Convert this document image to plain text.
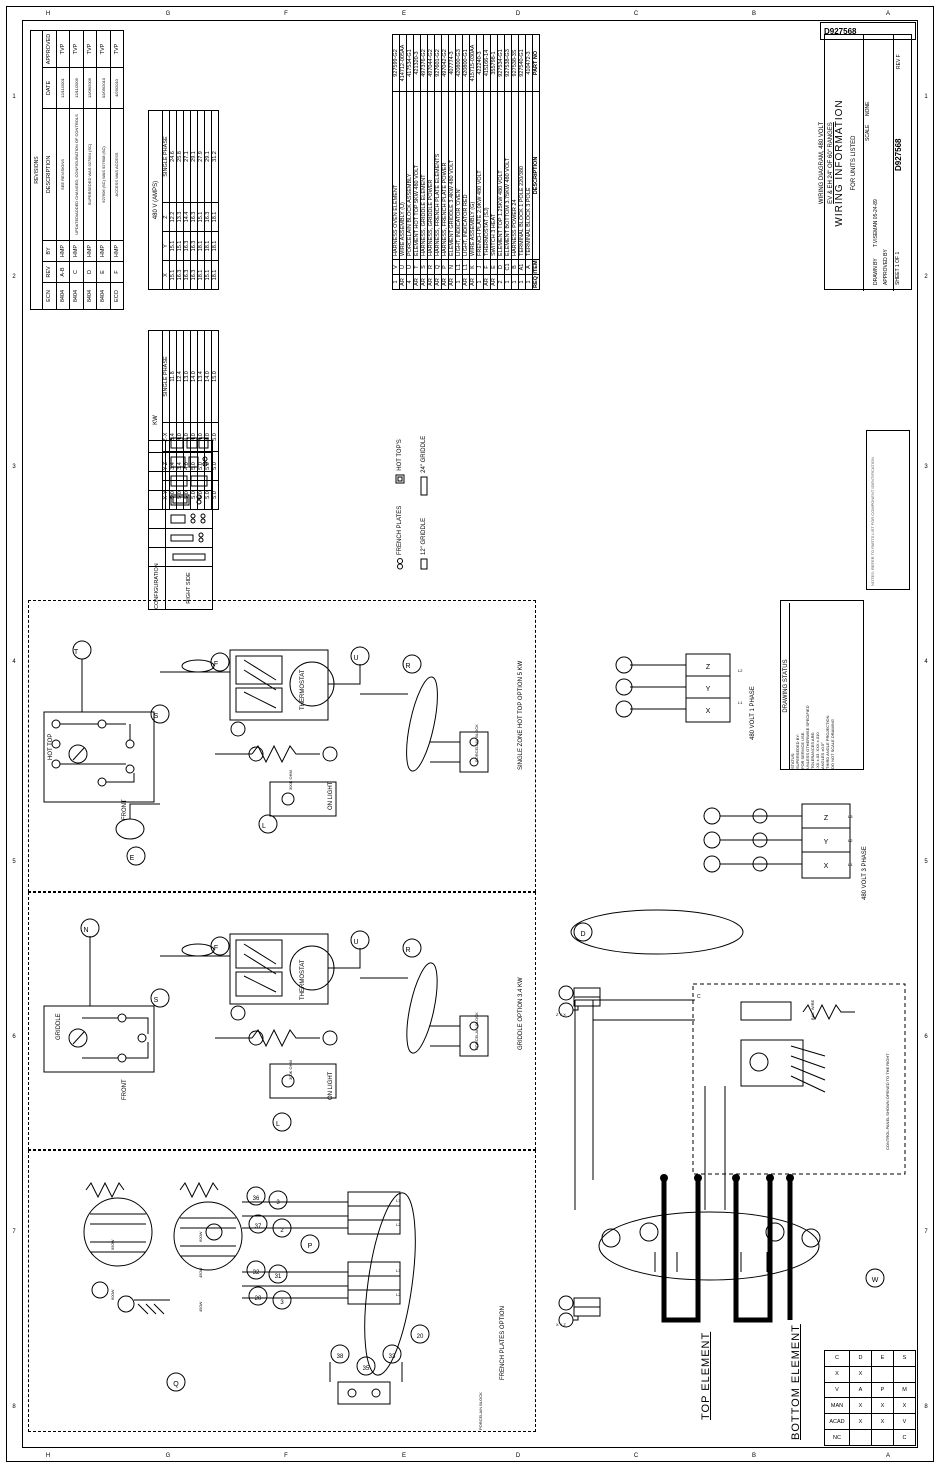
H	G	F	E	D	C	B	A
H	G	F	E	D	C	B	A
1
2
3
4
5
6
7
8
1
2
3
4
5
6
7
8
D927568
REVISIONS
ECN	REV	BY	DESCRIPTION	DATE	APPROVED
8404	A-B	HMP	SEE REVISIONS	12/11/2001	TVP
8404	C	HMP	UPDATED/ADDED CHANGED, CONFIGURATION OF CONTROLS	12/11/2009	TVP
8404	D	HMP	SUPERSEDED WAS 927564 (SC)	12/06/2009	TVP
8404	E	HMP	927606 (SC) WAS 927608 (SC)	02/09/2010	TVP
ECO	F	HMP	ACCESS WAS ACCESS	4/29/2010	TVP
480 V (AMPS)
X	Y	Z	SINGLE PHASE
15.1	15.1	12.2	24.6
16.3	15.1	13.3	25.8
16.3	16.3	14.4	27.1
16.3	16.3	16.3	29.1
18.1	18.1	15.1	27.9
15.1	18.1	16.3	29.1
18.1	18.1	18.1	31.2
KW
X-Y	Y-Z	Z-X	SINGLE PHASE
5.0	3.4	3.4	11.8
5.0	3.4	4.0	12.4
5.0	4.0	4.0	13.0
5.0	5.0	4.0	14.0
5.0	5.0	4.0	13.4
5.0	5.0	4.0	14.0
5.0	5.0	5.0	15.0
CONFIGURATION							
RIGHT SIDE	

FRENCH PLATES
HOT TOP'S
12" GRIDDLE
24" GRIDDLE
1	V	HARNESS OVEN ELEMENT	927599-G2
AR	U	WIRE ASSEMBLY (U)	414712-005AA
4	U	PORCELAIN BLOCK ASSEMBLY	417534-G1
AR	T	ELEMENT HOT TOP 5KW 480 VOLT	421320-3
AR	S	HARNESS, GRIDDLE ELEMENT	497376-G2
AR	R	HARNESS, GRIDDLE POWER	497044-G2
AR	Q	HARNESS, FRENCH PLATE ELEMENTS	927601-G2
AR	P	HARNESS, FRENCH PLATE POWER	497042-G2
AR	N	ELEMENT GRIDDLE 3.4KW 480 VOLT	407774-3
1	L1	LIGHT, INDICATOR 'OVEN'	420800-G3
AR	L1	LIGHT, INDICATOR RED	420800-G1
AR	K	WIRE ASSEMBLY (G)	415715-030AA
1	J	FRENCH PLATE 2.0KW 480 VOLT	422240-3
AR	F	THERMOSTAT (SJ)	415166-14
AR	E	SWITCH 3 HEAT	355798-1
2	D	ELEMENT TOP 1.25KW 480 VOLT	927534-G1
1	C1	ELEMENT BOTTOM 3.75KW 480 VOLT	927538-G3
1	B	HARNESS POWER 24	927538-3S
1	A1	TERMINAL BLOCK 1 POLE 220/380	927540-G1
1	A	TERMINAL BLOCK 3 POLE	410472-3
REQ	ITEM	DESCRIPTION	PART NO
WIRING INFORMATION	FOR UNITS LISTED
WIRING DIAGRAM, 480 VOLT EV & EH 24" OF 60" RANGES	SCALE
NONE
DRAWN BY
T.VISEMAN 05-24-89
APPROVED BY SHEET 1 OF 1
D927568
REV F
DRAWING STATUS
STATUS: SUPERSEDED BY: FOR SERVICE USE. UNLESS OTHERWISE SPECIFIED TOLERANCES ARE: .XX ±.03 .XXX ±.010 ANGLES ±0.5° THIRD ANGLE PROJECTION DO NOT SCALE DRAWING
NOTES: REFER TO PARTS LIST FOR COMPONENT IDENTIFICATION
T
S
F	R
U
L
E
HOT TOP
FRONT
THERMOSTAT
ON LIGHT
300K OHM
PORCELAIN BLOCK	SINGLE ZONE HOT TOP OPTION 5 KW
N
S
F	R
U
L
GRIDDLE
FRONT
THERMOSTAT
ON LIGHT
300K OHM
PORCELAIN BLOCK	GRIDDLE OPTION 3.4 KW
36
3
37
2
32
31
20
3
38
35
33
20
Q
P
950W
600W
600W
450W
450W	FRENCH PLATES OPTION
PORCELAIN BLOCK
L3
L2
L3
L2
Z
Y
X	480 VOLT 1 PHASE
L1
L2
Z
Y
X	480 VOLT 3 PHASE
L1
L2
L3
D
W
C
BAL. WIRE
CONTROL PANEL SHOWN OPENED TO THE RIGHT
TOP ELEMENT	BOTTOM ELEMENT
Z Y X
X Y Z
C	D	E	S
X	X		
V	A	P	M
MAN	X	X	X
ACAD	X	X	V
NC			C
